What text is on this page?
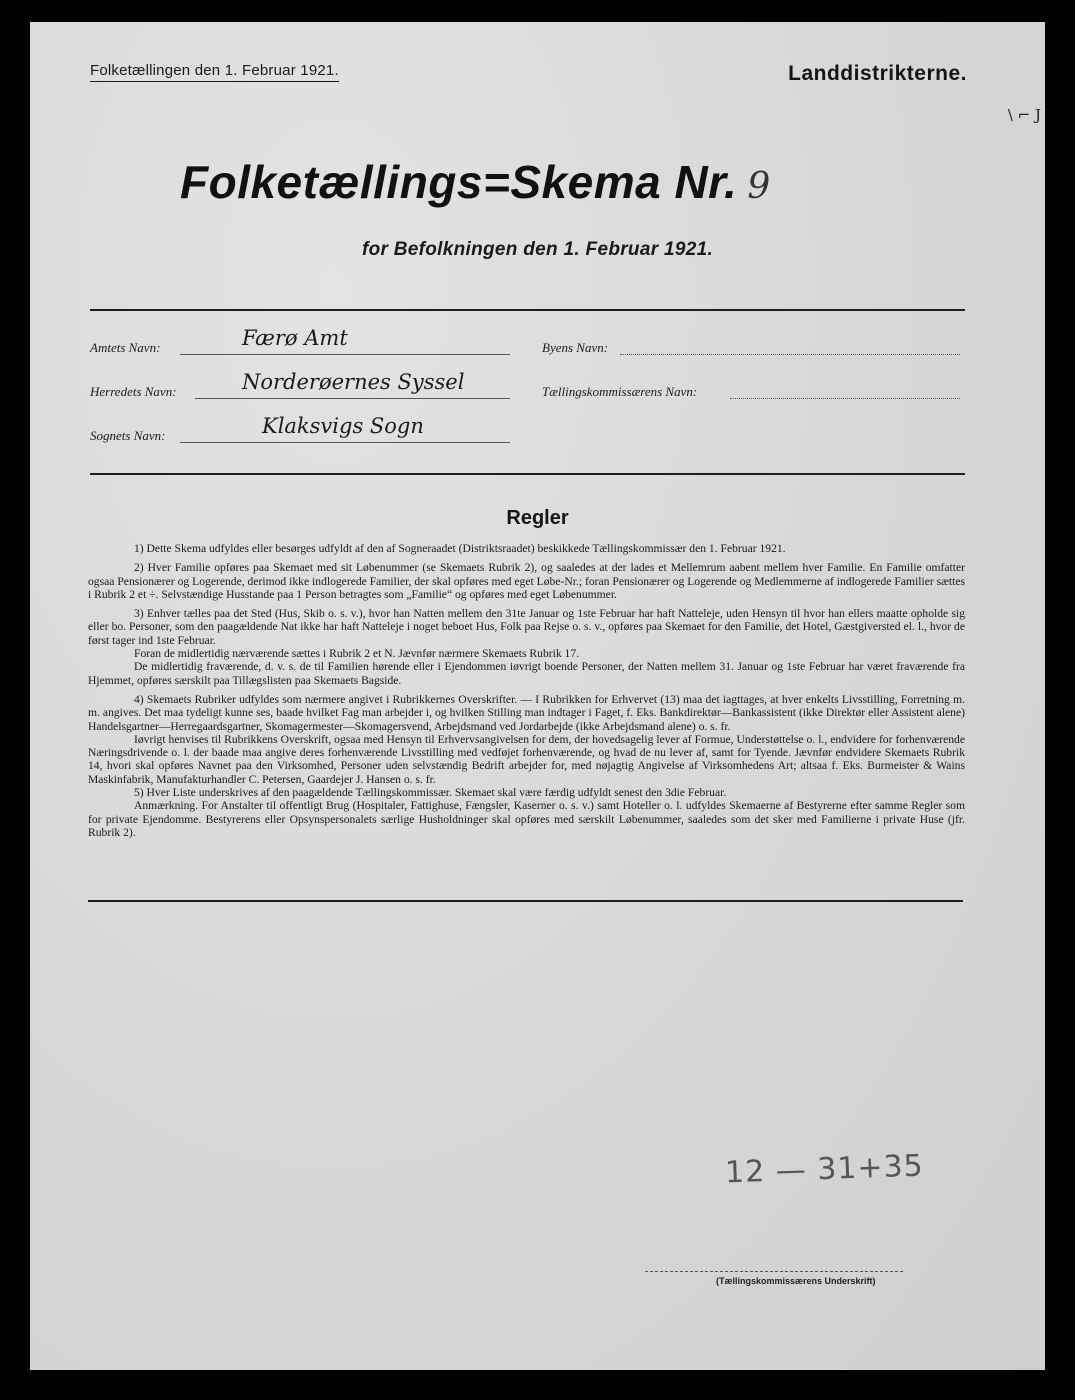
Folketællingen den 1. Februar 1921.	Landdistrikterne.
\ ⌐ J
Folketællings=Skema Nr. 9
for Befolkningen den 1. Februar 1921.
Amtets Navn:	Færø Amt
Herredets Navn:	Norderøernes Syssel
Sognets Navn:	Klaksvigs Sogn
Byens Navn:
Tællingskommissærens Navn:
Regler

1) Dette Skema udfyldes eller besørges udfyldt af den af Sogneraadet (Distriktsraadet) beskikkede Tællingskommissær den 1. Februar 1921.

2) Hver Familie opføres paa Skemaet med sit Løbenummer (se Skemaets Rubrik 2), og saaledes at der lades et Mellemrum aabent mellem hver Familie. En Familie omfatter ogsaa Pensionærer og Logerende, derimod ikke indlogerede Familier, der skal opføres med eget Løbe-Nr.; foran Pensionærer og Logerende og Medlemmerne af indlogerede Familier sættes i Rubrik 2 et ÷. Selvstændige Husstande paa 1 Person betragtes som „Familie“ og opføres med eget Løbenummer.

3) Enhver tælles paa det Sted (Hus, Skib o. s. v.), hvor han Natten mellem den 31te Januar og 1ste Februar har haft Natteleje, uden Hensyn til hvor han ellers maatte opholde sig eller bo. Personer, som den paagældende Nat ikke har haft Natteleje i noget beboet Hus, Folk paa Rejse o. s. v., opføres paa Skemaet for den Familie, det Hotel, Gæstgiversted el. l., hvor de først tager ind 1ste Februar.

Foran de midlertidig nærværende sættes i Rubrik 2 et N. Jævnfør nærmere Skemaets Rubrik 17.

De midlertidig fraværende, d. v. s. de til Familien hørende eller i Ejendommen iøvrigt boende Personer, der Natten mellem 31. Januar og 1ste Februar har været fraværende fra Hjemmet, opføres særskilt paa Tillægslisten paa Skemaets Bagside.

4) Skemaets Rubriker udfyldes som nærmere angivet i Rubrikkernes Overskrifter. — I Rubrikken for Erhvervet (13) maa det iagttages, at hver enkelts Livsstilling, Forretning m. m. angives. Det maa tydeligt kunne ses, baade hvilket Fag man arbejder i, og hvilken Stilling man indtager i Faget, f. Eks. Bankdirektør—Bankassistent (ikke Direktør eller Assistent alene) Handelsgartner—Herregaardsgartner, Skomagermester—Skomagersvend, Arbejdsmand ved Jordarbejde (ikke Arbejdsmand alene) o. s. fr.

Iøvrigt henvises til Rubrikkens Overskrift, ogsaa med Hensyn til Erhvervsangivelsen for dem, der hovedsagelig lever af Formue, Understøttelse o. l., endvidere for forhenværende Næringsdrivende o. l. der baade maa angive deres forhenværende Livsstilling med vedføjet forhenværende, og hvad de nu lever af, samt for Tyende. Jævnfør endvidere Skemaets Rubrik 14, hvori skal opføres Navnet paa den Virksomhed, Personer uden selvstændig Bedrift arbejder for, med nøjagtig Angivelse af Virksomhedens Art; altsaa f. Eks. Burmeister & Wains Maskinfabrik, Manufakturhandler C. Petersen, Gaardejer J. Hansen o. s. fr.

5) Hver Liste underskrives af den paagældende Tællingskommissær. Skemaet skal være færdig udfyldt senest den 3die Februar.

Anmærkning. For Anstalter til offentligt Brug (Hospitaler, Fattighuse, Fængsler, Kaserner o. s. v.) samt Hoteller o. l. udfyldes Skemaerne af Bestyrerne efter samme Regler som for private Ejendomme. Bestyrerens eller Opsynspersonalets særlige Husholdninger skal opføres med særskilt Løbenummer, saaledes som det sker med Familierne i private Huse (jfr. Rubrik 2).

12 — 31+35
(Tællingskommissærens Underskrift)
